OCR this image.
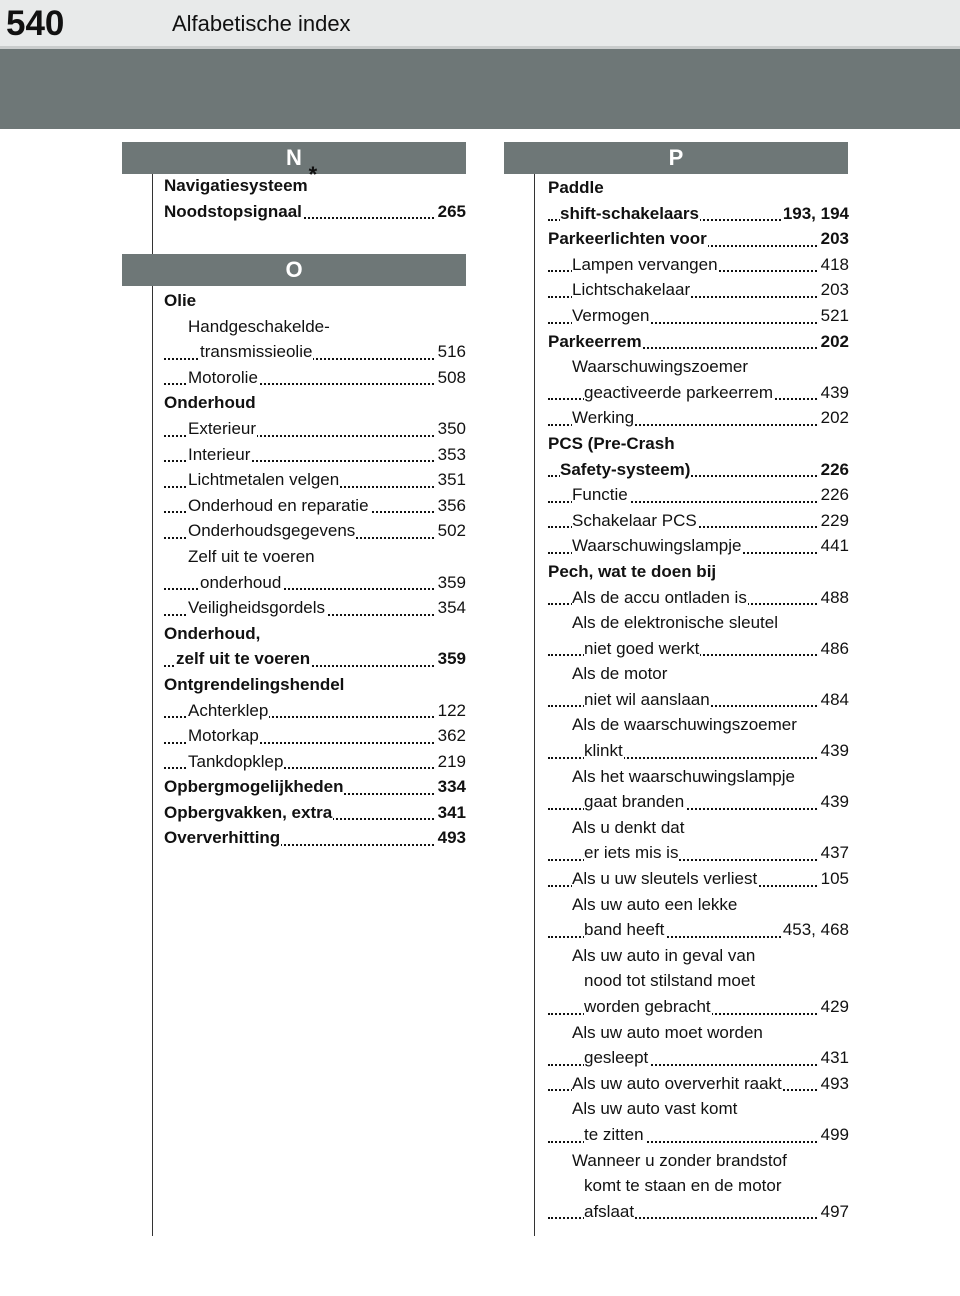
540	Alfabetische index
N
Navigatiesysteem*
Noodstopsignaal	265
O
Olie
Handgeschakelde-
transmissieolie	516
Motorolie	508
Onderhoud
Exterieur	350
Interieur	353
Lichtmetalen velgen	351
Onderhoud en reparatie	356
Onderhoudsgegevens	502
Zelf uit te voeren
onderhoud	359
Veiligheidsgordels	354
Onderhoud,
zelf uit te voeren	359
Ontgrendelingshendel
Achterklep	122
Motorkap	362
Tankdopklep	219
Opbergmogelijkheden	334
Opbergvakken, extra	341
Oververhitting	493
P
Paddle
shift-schakelaars	193, 194
Parkeerlichten voor	203
Lampen vervangen	418
Lichtschakelaar	203
Vermogen	521
Parkeerrem	202
Waarschuwingszoemer
geactiveerde parkeerrem	439
Werking	202
PCS (Pre-Crash
Safety-systeem)	226
Functie	226
Schakelaar PCS	229
Waarschuwingslampje	441
Pech, wat te doen bij
Als de accu ontladen is	488
Als de elektronische sleutel
niet goed werkt	486
Als de motor
niet wil aanslaan	484
Als de waarschuwingszoemer
klinkt	439
Als het waarschuwingslampje
gaat branden	439
Als u denkt dat
er iets mis is	437
Als u uw sleutels verliest	105
Als uw auto een lekke
band heeft	453, 468
Als uw auto in geval van
nood tot stilstand moet
worden gebracht	429
Als uw auto moet worden
gesleept	431
Als uw auto oververhit raakt 493
Als uw auto vast komt
te zitten	499
Wanneer u zonder brandstof
komt te staan en de motor
afslaat	497
